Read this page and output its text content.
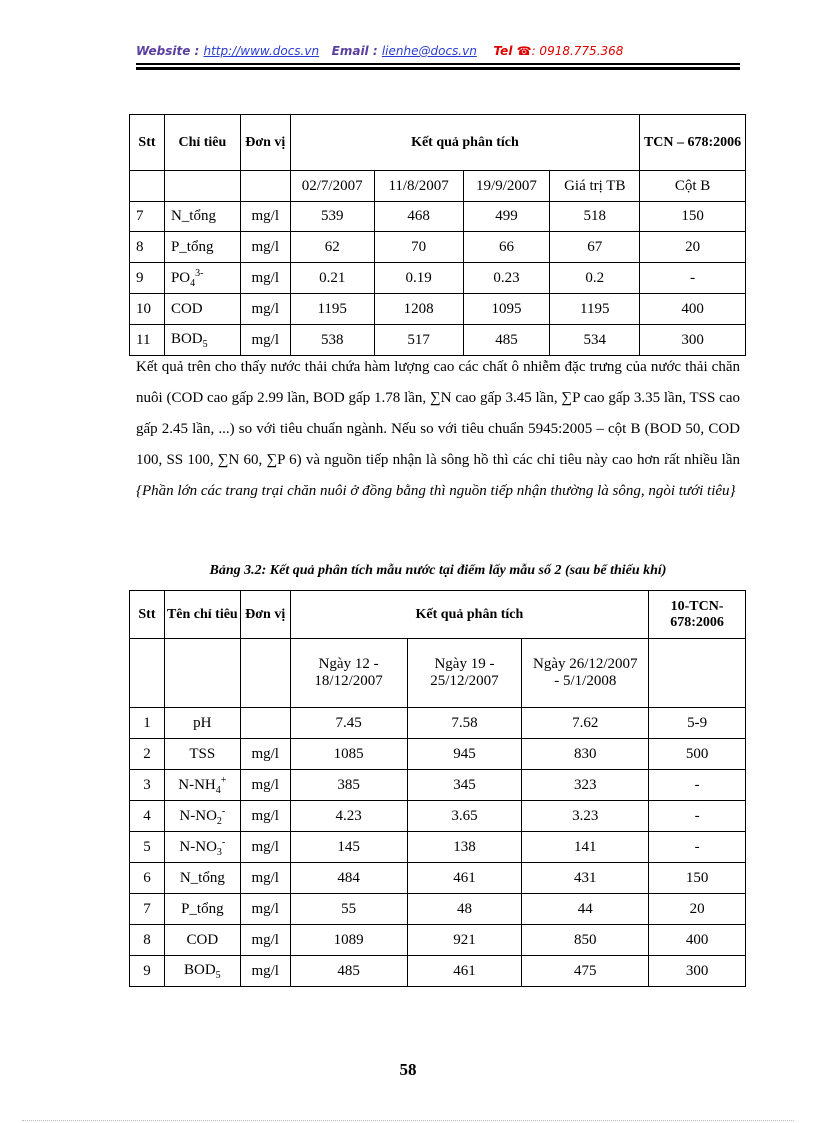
Website : http://www.docs.vn Email : lienhe@docs.vn Tel ☎: 0918.775.368
Stt	Chỉ tiêu	Đơn vị	Kết quả phân tích				TCN – 678:2006
			02/7/2007	11/8/2007	19/9/2007	Giá trị TB	Cột B
7	N_tổng	mg/l	539	468	499	518	150
8	P_tổng	mg/l	62	70	66	67	20
9	$PO_4^{3-}$	mg/l	0.21	0.19	0.23	0.2	-
10	COD	mg/l	1195	1208	1095	1195	400
11	$BOD_5$	mg/l	538	517	485	534	300
Kết quả trên cho thấy nước thải chứa hàm lượng cao các chất ô nhiễm đặc trưng của nước thải chăn nuôi (COD cao gấp 2.99 lần, BOD gấp 1.78 lần, ∑N cao gấp 3.45 lần, ∑P cao gấp 3.35 lần, TSS cao gấp 2.45 lần, ...) so với tiêu chuẩn ngành. Nếu so với tiêu chuẩn 5945:2005 – cột B (BOD 50, COD 100, SS 100, ∑N 60, ∑P 6) và nguồn tiếp nhận là sông hồ thì các chỉ tiêu này cao hơn rất nhiều lần {Phần lớn các trang trại chăn nuôi ở đồng bằng thì nguồn tiếp nhận thường là sông, ngòi tưới tiêu}
Bảng 3.2: Kết quả phân tích mẫu nước tại điểm lấy mẫu số 2 (sau bể thiếu khí)
Stt	Tên chỉ tiêu	Đơn vị	Kết quả phân tích			10-TCN-678:2006
			Ngày 12 - 18/12/2007	Ngày 19 - 25/12/2007	Ngày 26/12/2007 - 5/1/2008	
1	pH		7.45	7.58	7.62	5-9
2	TSS	mg/l	1085	945	830	500
3	$N-NH_4^+$	mg/l	385	345	323	-
4	$N-NO_2^-$	mg/l	4.23	3.65	3.23	-
5	$N-NO_3^-$	mg/l	145	138	141	-
6	N_tổng	mg/l	484	461	431	150
7	P_tổng	mg/l	55	48	44	20
8	COD	mg/l	1089	921	850	400
9	$BOD_5$	mg/l	485	461	475	300
58
